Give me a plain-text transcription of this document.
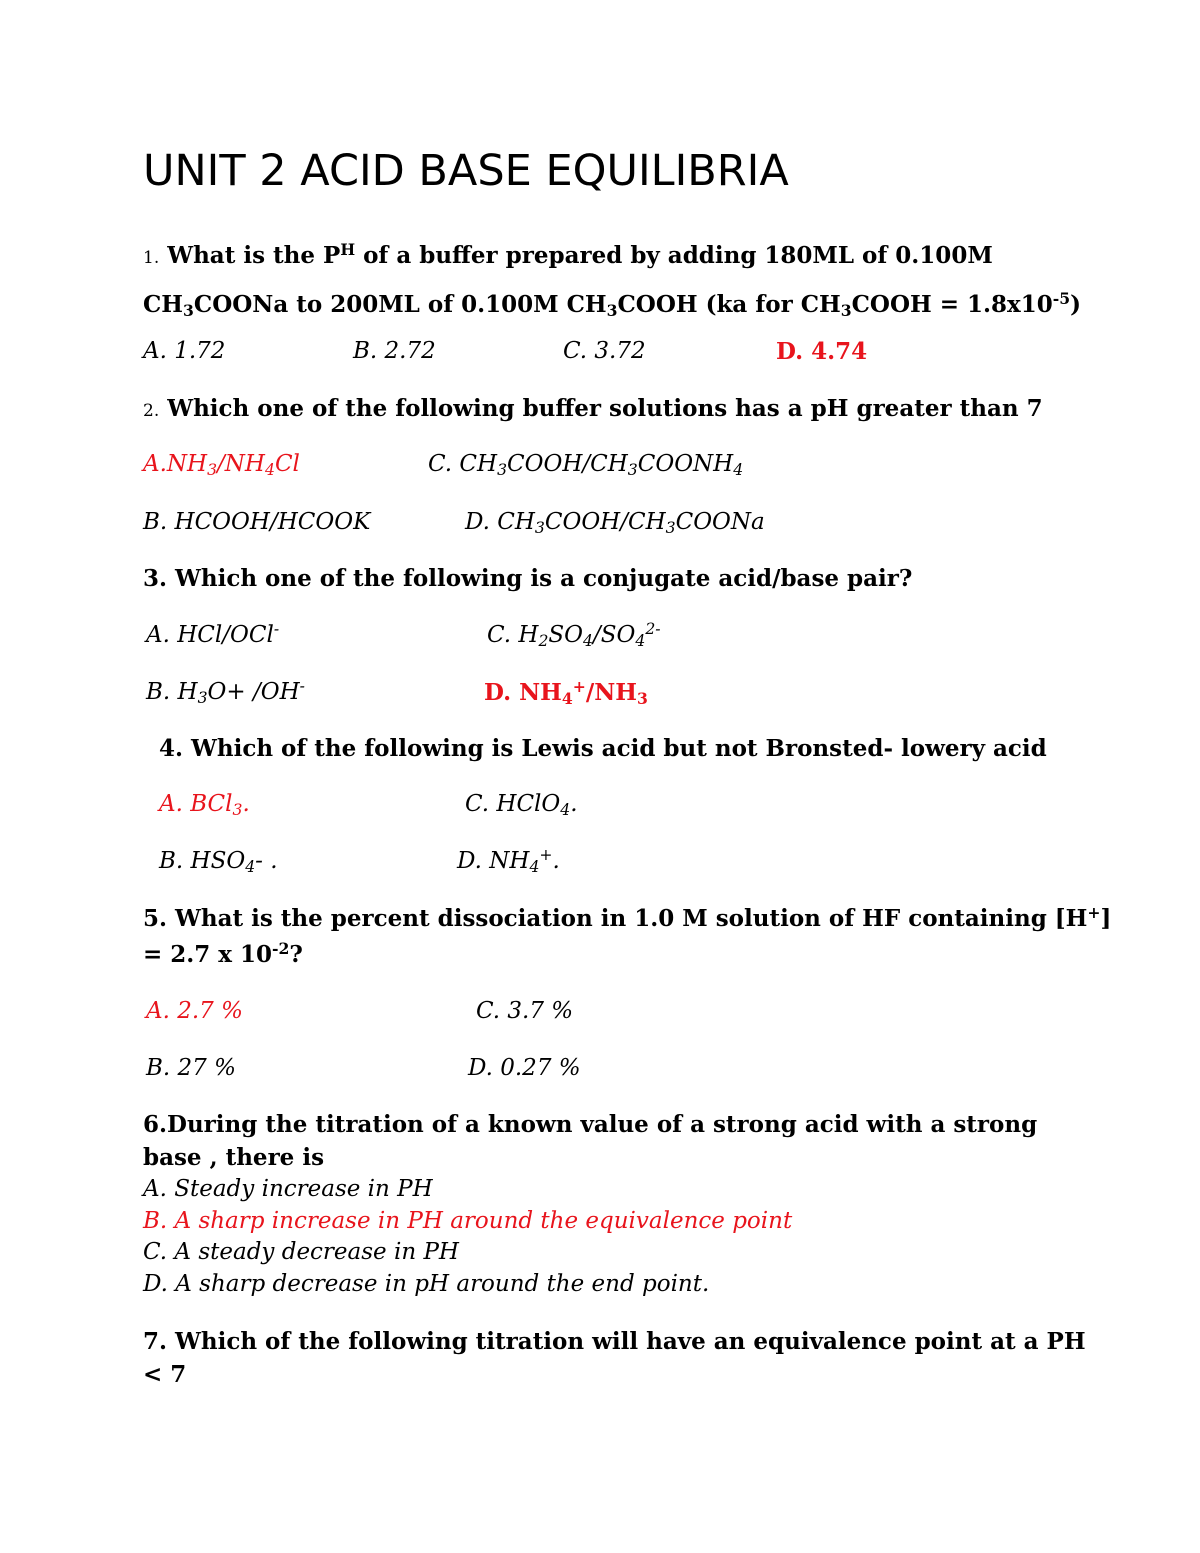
UNIT 2 ACID BASE EQUILIBRIA
1. What is the $P^H$ of a buffer prepared by adding 180ML of 0.100M
$CH_3COONa$ to 200ML of 0.100M $CH_3COOH$ (ka for $CH_3COOH = 1.8x10^{-5}$)
A. 1.72	B. 2.72	C. 3.72	D. 4.74
2. Which one of the following buffer solutions has a pH greater than 7
$A.NH_3/NH_4Cl$	C. $CH_3COOH/CH_3COONH_4$
B. HCOOH/HCOOK	D. $CH_3COOH/CH_3COONa$
3. Which one of the following is a conjugate acid/base pair?
A. HCl/OCl-	C. $H_2SO_4/SO_4^{2-}$
B. $H_3O+ /OH^-$	D. $NH_4^+/NH_3$
4. Which of the following is Lewis acid but not Bronsted- lowery acid
A. BCl$_3$.	C. HClO$_4$.
B. $HSO_4-$ .	D. $NH_4^+$.
5. What is the percent dissociation in 1.0 M solution of HF containing [H+]
= 2.7 x $10^{-2}$?
A. 2.7 %	C. 3.7 %
B. 27 %	D. 0.27 %
6.During the titration of a known value of a strong acid with a strong
base , there is
A. Steady increase in PH
B. A sharp increase in PH around the equivalence point
C. A steady decrease in PH
D. A sharp decrease in pH around the end point.
7. Which of the following titration will have an equivalence point at a PH
< 7
